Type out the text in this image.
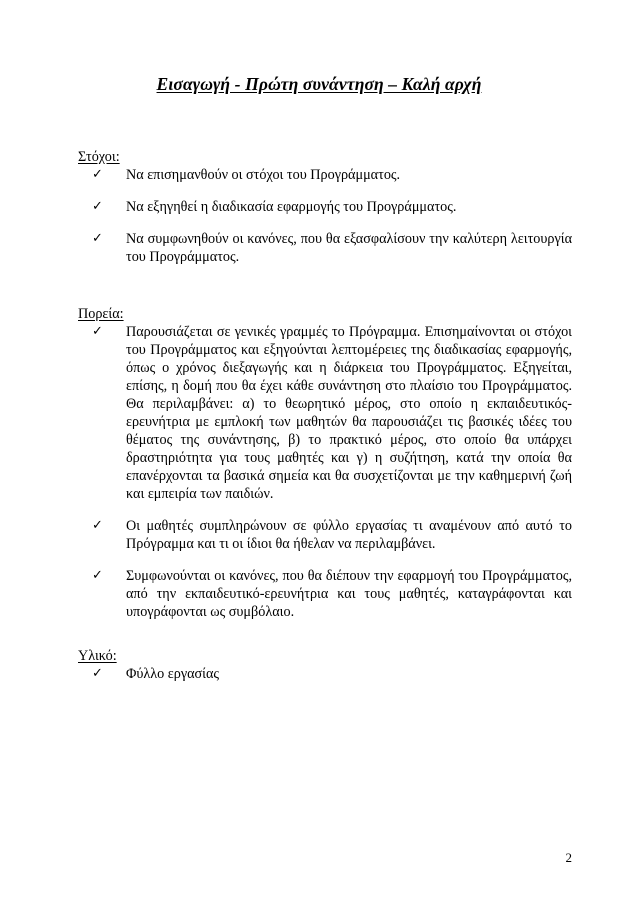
Εισαγωγή - Πρώτη συνάντηση – Καλή αρχή
Στόχοι:
✓	Να επισημανθούν οι στόχοι του Προγράμματος.
✓	Να εξηγηθεί η διαδικασία εφαρμογής του Προγράμματος.
✓	Να συμφωνηθούν οι κανόνες, που θα εξασφαλίσουν την καλύτερη λειτουργία του Προγράμματος.
Πορεία:
✓	Παρουσιάζεται σε γενικές γραμμές το Πρόγραμμα. Επισημαίνονται οι στόχοι του Προγράμματος και εξηγούνται λεπτομέρειες της διαδικασίας εφαρμογής, όπως ο χρόνος διεξαγωγής και η διάρκεια του Προγράμματος. Εξηγείται, επίσης, η δομή που θα έχει κάθε συνάντηση στο πλαίσιο του Προγράμματος. Θα περιλαμβάνει: α) το θεωρητικό μέρος, στο οποίο η εκπαιδευτικός-ερευνήτρια με εμπλοκή των μαθητών θα παρουσιάζει τις βασικές ιδέες του θέματος της συνάντησης, β) το πρακτικό μέρος, στο οποίο θα υπάρχει δραστηριότητα για τους μαθητές και γ) η συζήτηση, κατά την οποία θα επανέρχονται τα βασικά σημεία και θα συσχετίζονται με την καθημερινή ζωή και εμπειρία των παιδιών.
✓	Οι μαθητές συμπληρώνουν σε φύλλο εργασίας τι αναμένουν από αυτό το Πρόγραμμα και τι οι ίδιοι θα ήθελαν να περιλαμβάνει.
✓	Συμφωνούνται οι κανόνες, που θα διέπουν την εφαρμογή του Προγράμματος, από την εκπαιδευτικό-ερευνήτρια και τους μαθητές, καταγράφονται και υπογράφονται ως συμβόλαιο.
Υλικό:
✓	Φύλλο εργασίας
2
